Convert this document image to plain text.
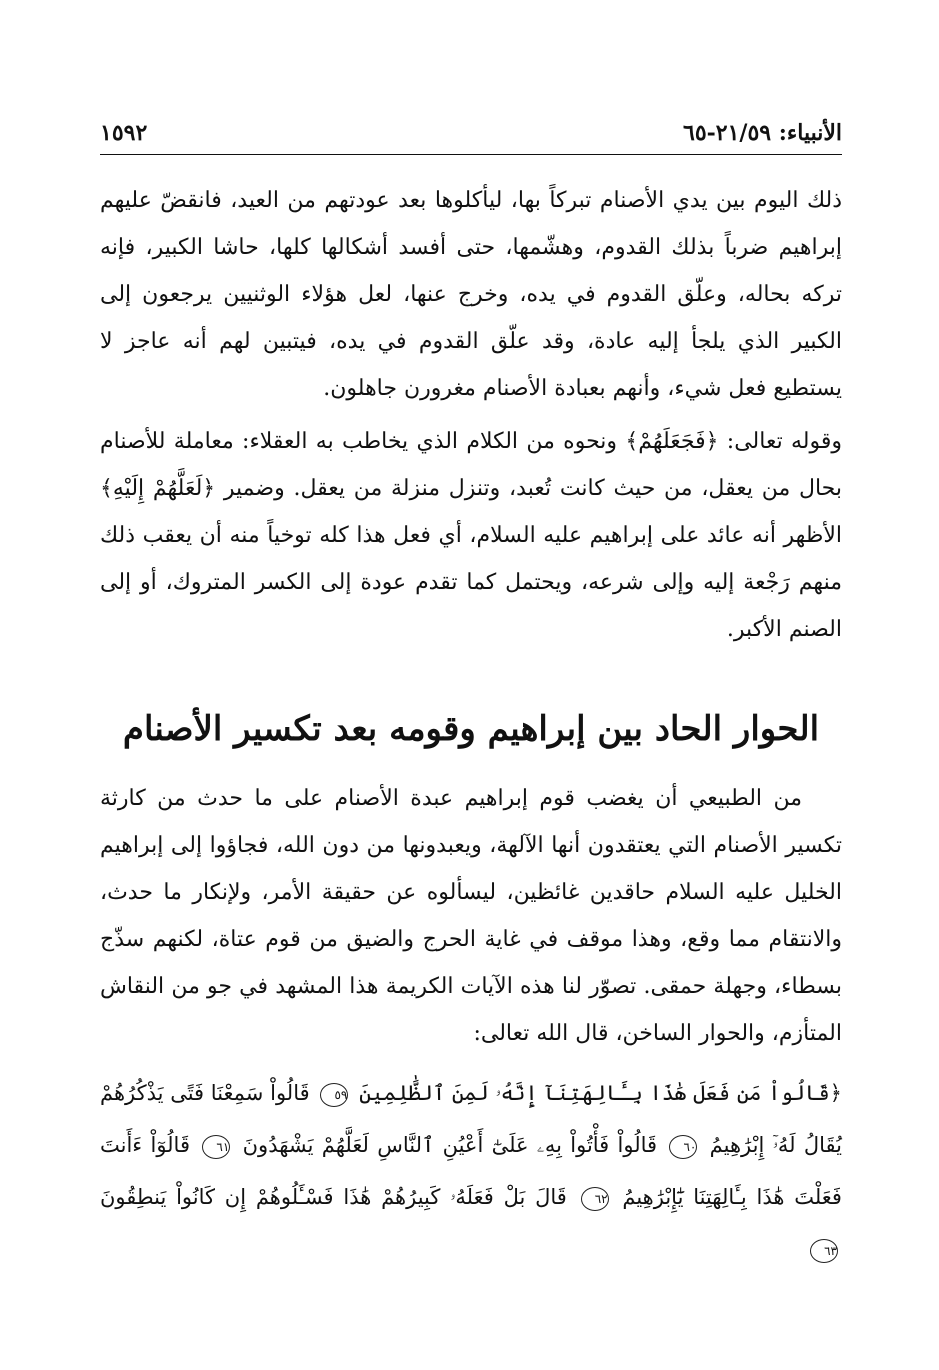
الأنبياء: ٢١/٥٩-٦٥
١٥٩٢

ذلك اليوم بين يدي الأصنام تبركاً بها، ليأكلوها بعد عودتهم من العيد، فانقضّ عليهم إبراهيم ضرباً بذلك القدوم، وهشّمها، حتى أفسد أشكالها كلها، حاشا الكبير، فإنه تركه بحاله، وعلّق القدوم في يده، وخرج عنها، لعل هؤلاء الوثنيين يرجعون إلى الكبير الذي يلجأ إليه عادة، وقد علّق القدوم في يده، فيتبين لهم أنه عاجز لا يستطيع فعل شيء، وأنهم بعبادة الأصنام مغرورن جاهلون.

وقوله تعالى: ﴿فَجَعَلَهُمْ﴾ ونحوه من الكلام الذي يخاطب به العقلاء: معاملة للأصنام بحال من يعقل، من حيث كانت تُعبد، وتنزل منزلة من يعقل. وضمير ﴿لَعَلَّهُمْ إِلَيْهِ﴾ الأظهر أنه عائد على إبراهيم عليه السلام، أي فعل هذا كله توخياً منه أن يعقب ذلك منهم رَجْعة إليه وإلى شرعه، ويحتمل كما تقدم عودة إلى الكسر المتروك، أو إلى الصنم الأكبر.

الحوار الحاد بين إبراهيم وقومه بعد تكسير الأصنام

من الطبيعي أن يغضب قوم إبراهيم عبدة الأصنام على ما حدث من كارثة تكسير الأصنام التي يعتقدون أنها الآلهة، ويعبدونها من دون الله، فجاؤوا إلى إبراهيم الخليل عليه السلام حاقدين غائظين، ليسألوه عن حقيقة الأمر، ولإنكار ما حدث، والانتقام مما وقع، وهذا موقف في غاية الحرج والضيق من قوم عتاة، لكنهم سذّج بسطاء، وجهلة حمقى. تصوّر لنا هذه الآيات الكريمة هذا المشهد في جو من النقاش المتأزم، والحوار الساخن، قال الله تعالى:

﴿قَالُواْ مَن فَعَلَ هَٰذَا بِـَٔالِهَتِنَآ إِنَّهُۥ لَمِنَ ٱلظَّٰلِمِينَ ٥٩ قَالُواْ سَمِعْنَا فَتًى يَذْكُرُهُمْ يُقَالُ لَهُۥٓ إِبْرَٰهِيمُ ٦٠ قَالُواْ فَأْتُواْ بِهِۦ عَلَىٰٓ أَعْيُنِ ٱلنَّاسِ لَعَلَّهُمْ يَشْهَدُونَ ٦١ قَالُوٓاْ ءَأَنتَ فَعَلْتَ هَٰذَا بِـَٔالِهَتِنَا يَٰٓإِبْرَٰهِيمُ ٦٢ قَالَ بَلْ فَعَلَهُۥ كَبِيرُهُمْ هَٰذَا فَسْـَٔلُوهُمْ إِن كَانُواْ يَنطِقُونَ ٦٣
